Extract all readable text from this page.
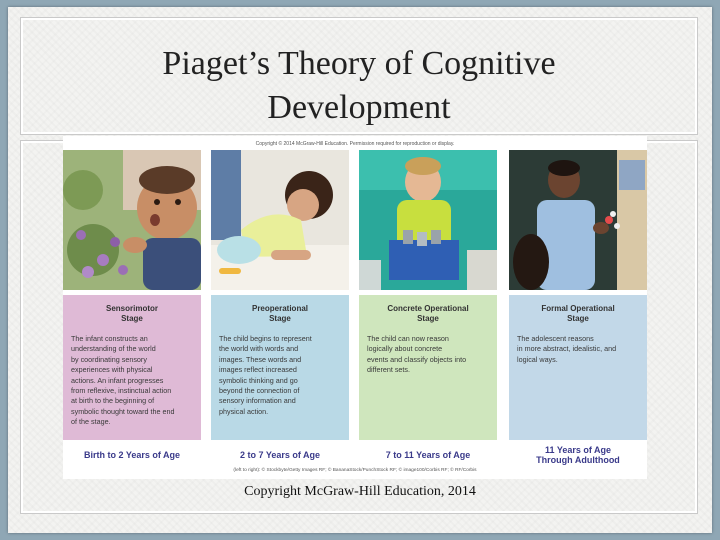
Piaget’s Theory of Cognitive
Development
Copyright McGraw-Hill Education, 2014
Copyright © 2014 McGraw-Hill Education. Permission required for reproduction or display.
Sensorimotor
Stage
The infant constructs an
understanding of the world
by coordinating sensory
experiences with physical
actions. An infant progresses
from reflexive, instinctual action
at birth to the beginning of
symbolic thought toward the end
of the stage.
Preoperational
Stage
The child begins to represent
the world with words and
images. These words and
images reflect increased
symbolic thinking and go
beyond the connection of
sensory information and
physical action.
Concrete Operational
Stage
The child can now reason
logically about concrete
events and classify objects into
different sets.
Formal Operational
Stage
The adolescent reasons
in more abstract, idealistic, and
logical ways.
Birth to 2 Years of Age	2 to 7 Years of Age	7 to 11 Years of Age	11 Years of Age
Through Adulthood
(left to right): © Stockbyte/Getty Images RF; © BananaStock/PunchStock RF; © image100/Corbis RF; © RF/Corbis
